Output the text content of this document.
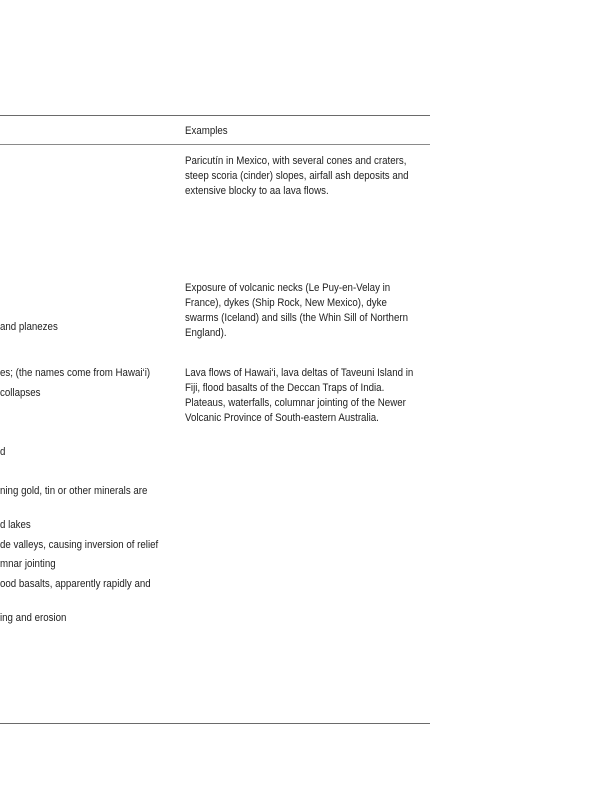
Examples
Paricutín in Mexico, with several cones and craters,
steep scoria (cinder) slopes, airfall ash deposits and
extensive blocky to aa lava flows.
Exposure of volcanic necks (Le Puy-en-Velay in
France), dykes (Ship Rock, New Mexico), dyke
swarms (Iceland) and sills (the Whin Sill of Northern
England).
Lava flows of Hawai‘i, lava deltas of Taveuni Island in
Fiji, flood basalts of the Deccan Traps of India.
Plateaus, waterfalls, columnar jointing of the Newer
Volcanic Province of South-eastern Australia.
and planezes
es; (the names come from Hawai‘i)
collapses
d
ning gold, tin or other minerals are
d lakes
de valleys, causing inversion of relief
mnar jointing
ood basalts, apparently rapidly and
ing and erosion
